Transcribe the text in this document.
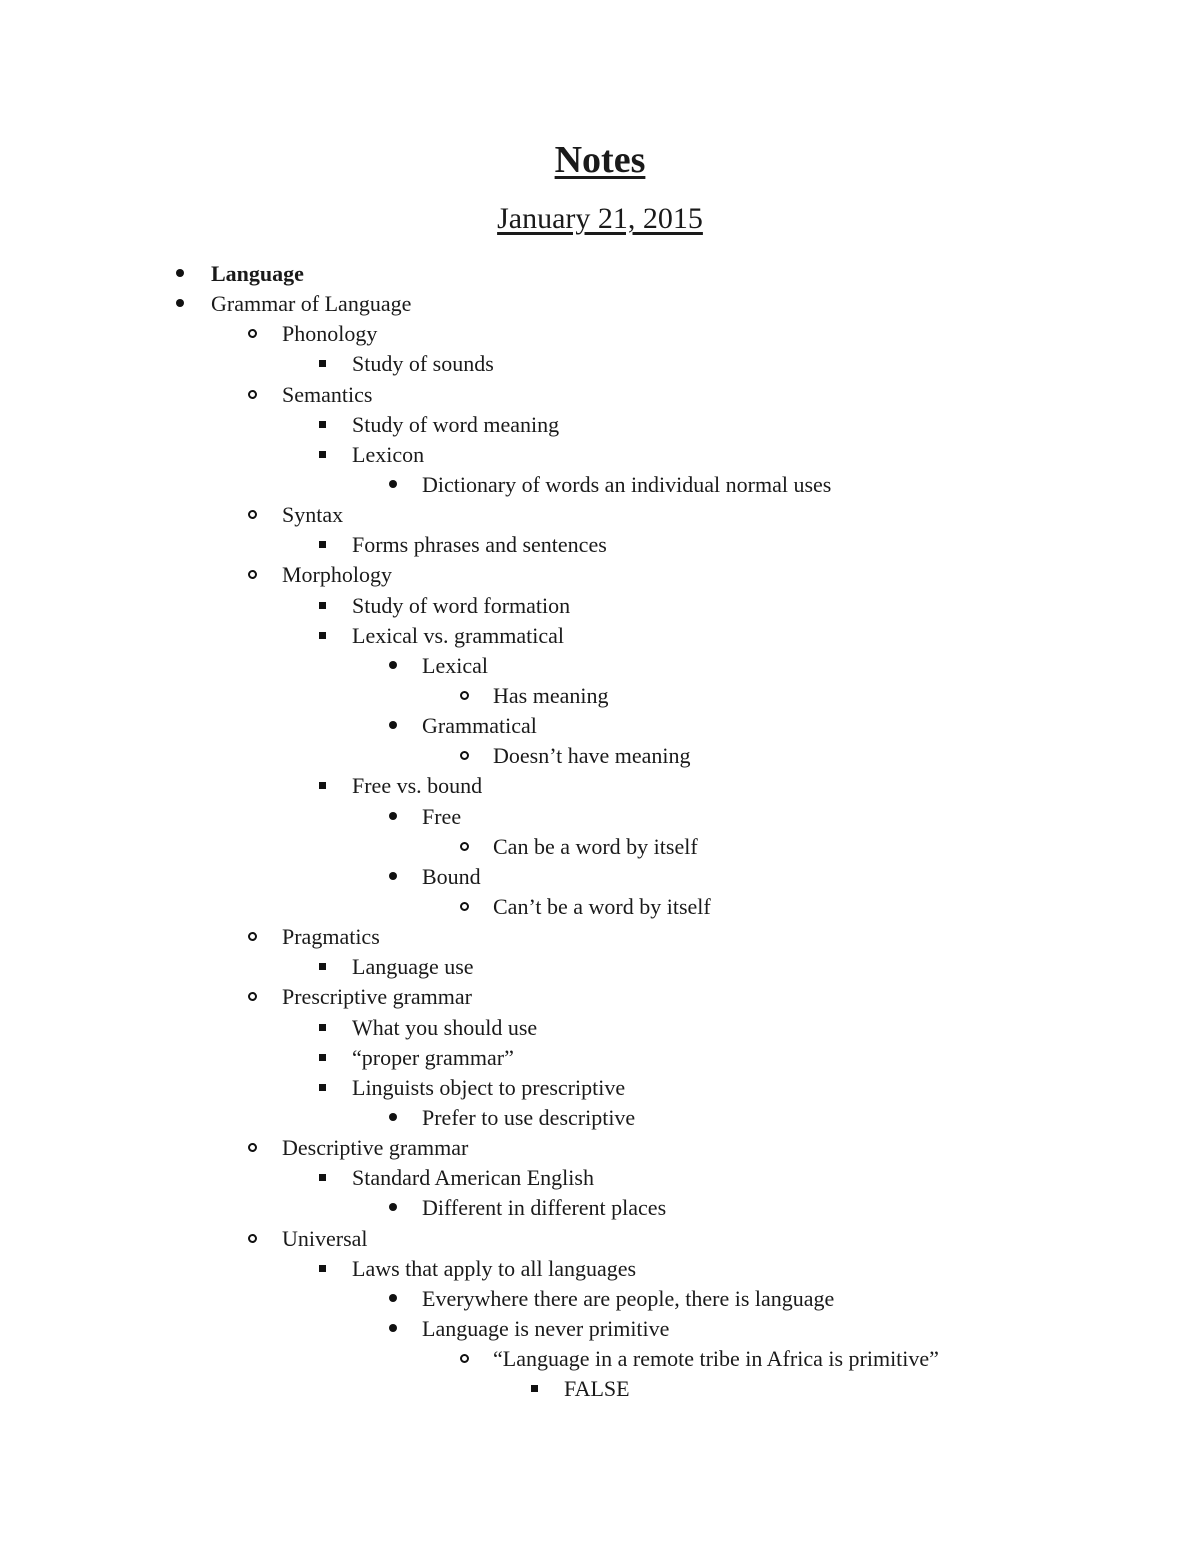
Notes
January 21, 2015
Language
Grammar of Language
Phonology
Study of sounds
Semantics
Study of word meaning
Lexicon
Dictionary of words an individual normal uses
Syntax
Forms phrases and sentences
Morphology
Study of word formation
Lexical vs. grammatical
Lexical
Has meaning
Grammatical
Doesn’t have meaning
Free vs. bound
Free
Can be a word by itself
Bound
Can’t be a word by itself
Pragmatics
Language use
Prescriptive grammar
What you should use
“proper grammar”
Linguists object to prescriptive
Prefer to use descriptive
Descriptive grammar
Standard American English
Different in different places
Universal
Laws that apply to all languages
Everywhere there are people, there is language
Language is never primitive
“Language in a remote tribe in Africa is primitive”
FALSE
